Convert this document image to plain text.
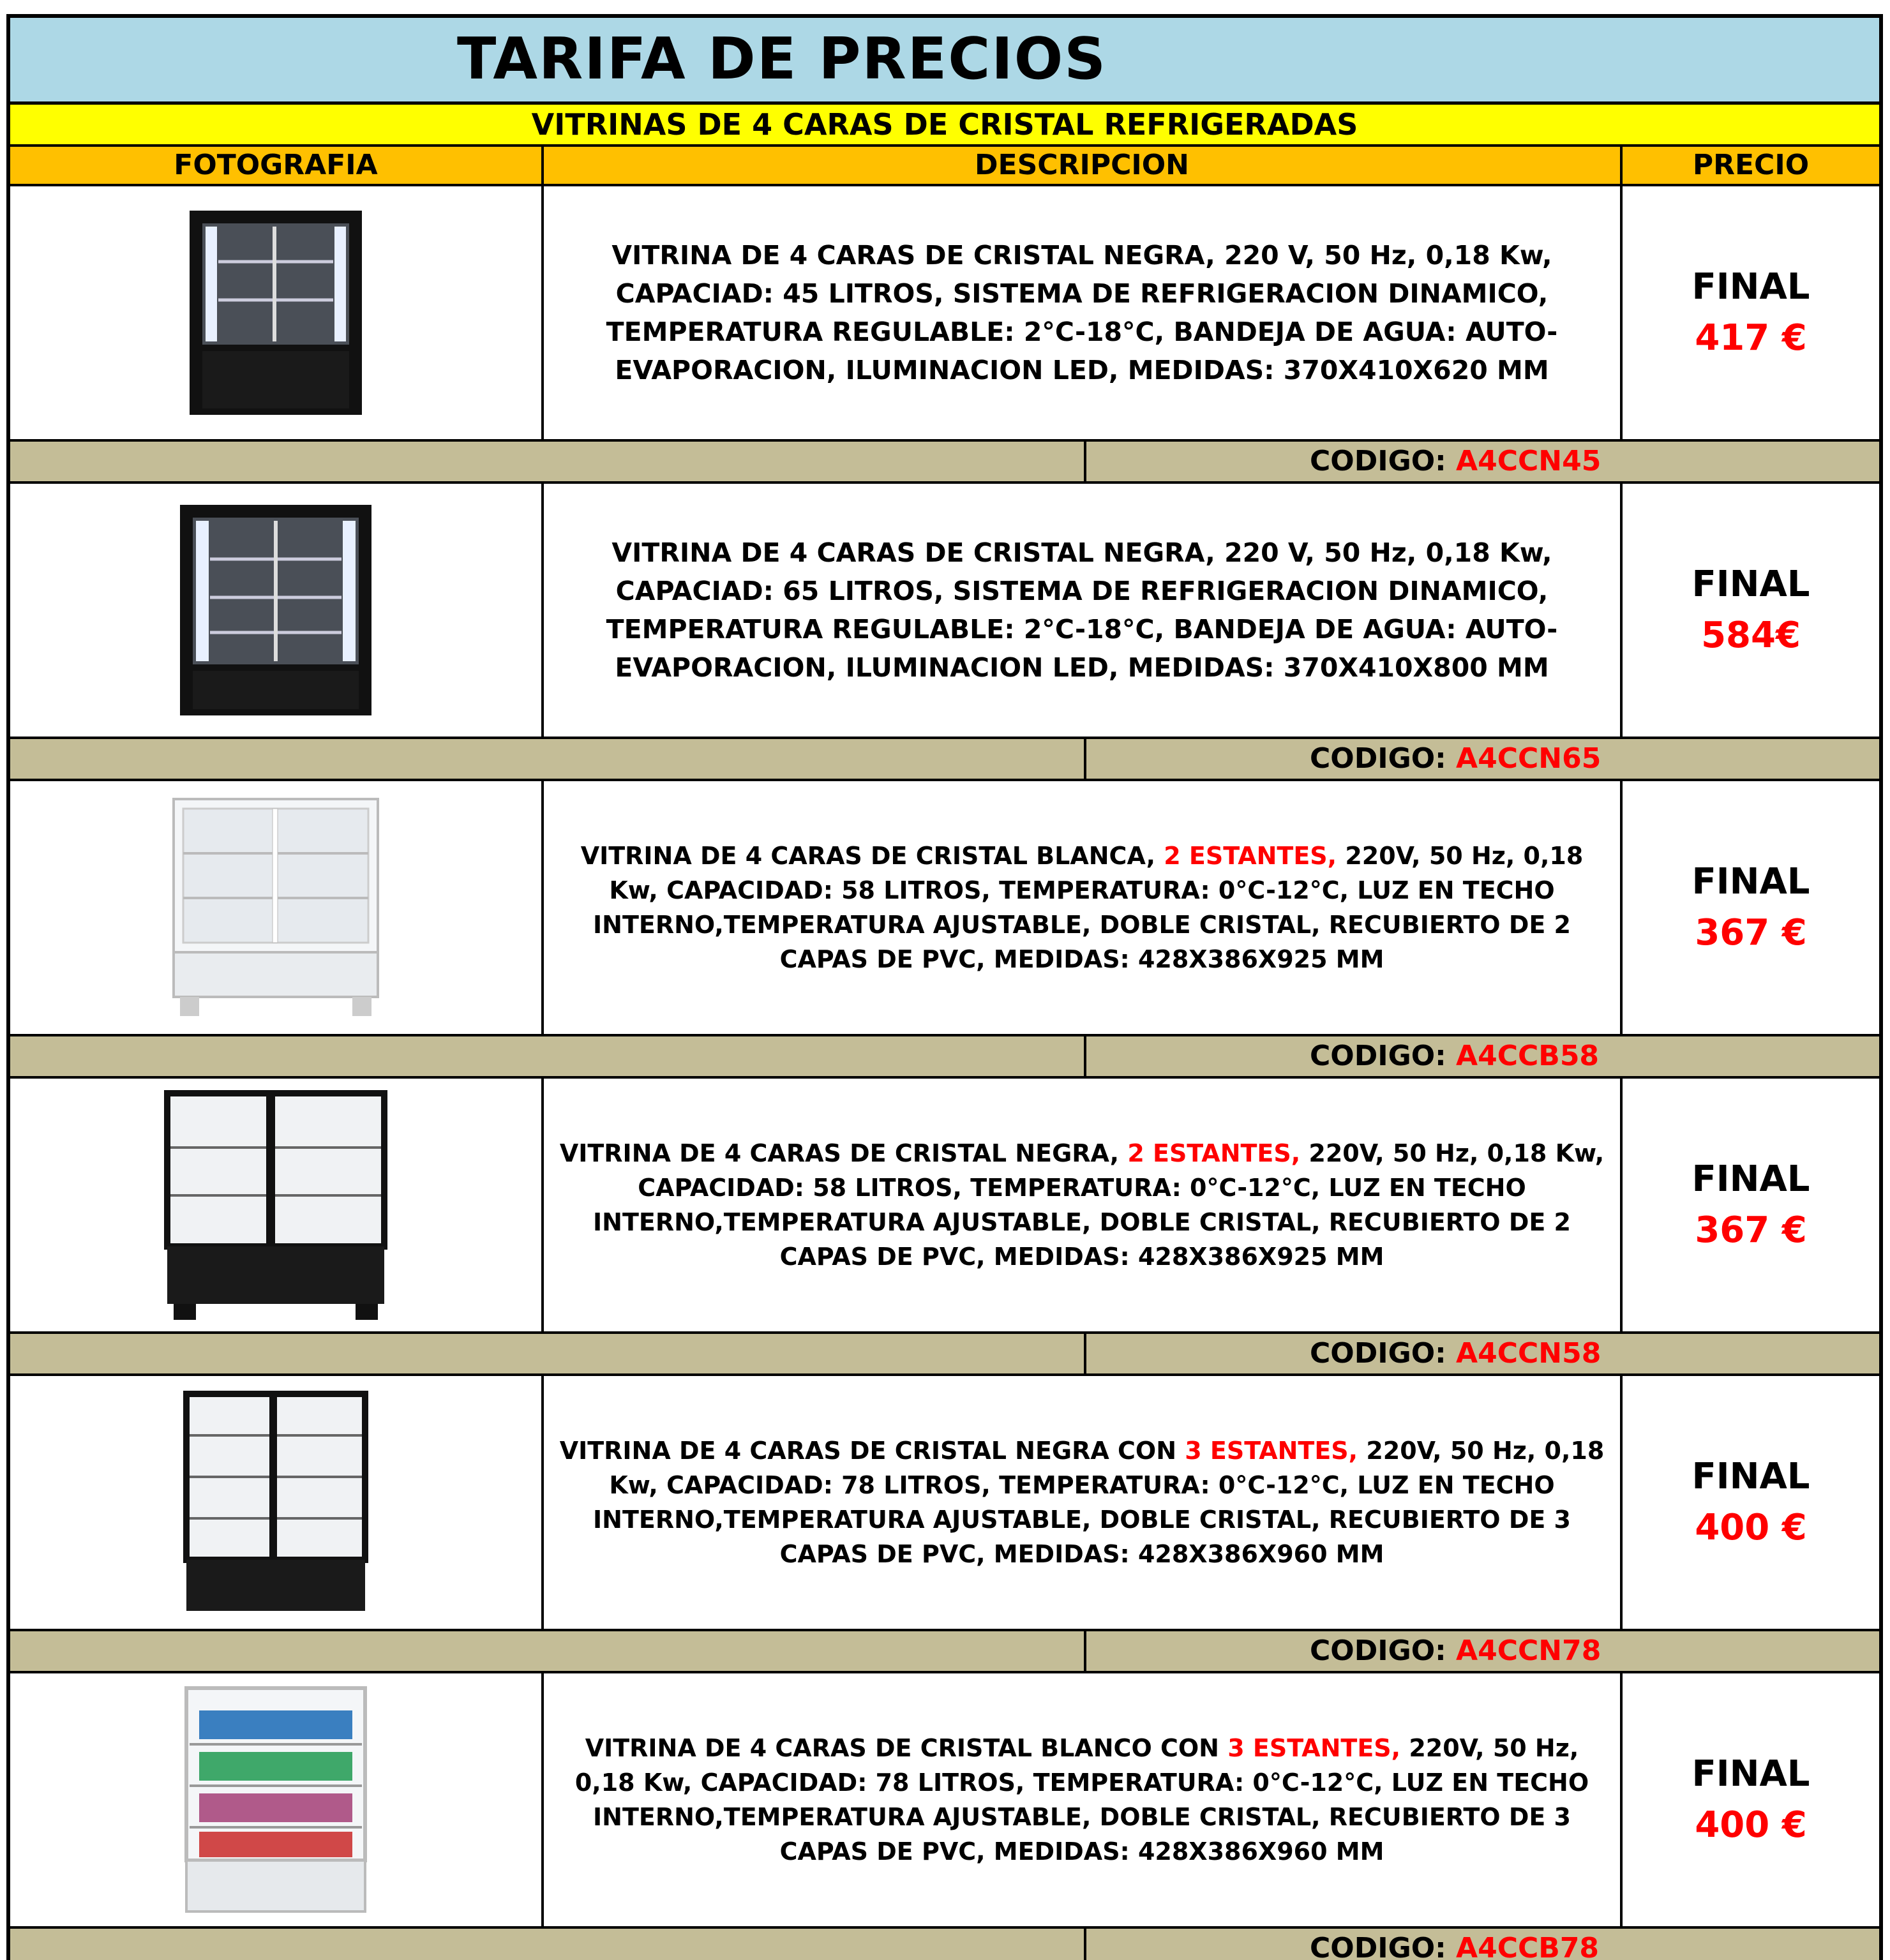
TARIFA DE PRECIOS
VITRINAS DE 4 CARAS DE CRISTAL REFRIGERADAS
FOTOGRAFIA	DESCRIPCION	PRECIO

VITRINA DE 4 CARAS DE CRISTAL NEGRA, 220 V, 50 Hz, 0,18 Kw, CAPACIAD: 45 LITROS, SISTEMA DE REFRIGERACION DINAMICO, TEMPERATURA REGULABLE: 2°C-18°C, BANDEJA DE AGUA: AUTO-EVAPORACION, ILUMINACION LED, MEDIDAS: 370X410X620 MM

FINAL
417 €
CODIGO: A4CCN45

VITRINA DE 4 CARAS DE CRISTAL NEGRA, 220 V, 50 Hz, 0,18 Kw, CAPACIAD: 65 LITROS, SISTEMA DE REFRIGERACION DINAMICO, TEMPERATURA REGULABLE: 2°C-18°C, BANDEJA DE AGUA: AUTO-EVAPORACION, ILUMINACION LED, MEDIDAS: 370X410X800 MM

FINAL
584€
CODIGO: A4CCN65

VITRINA DE 4 CARAS DE CRISTAL BLANCA, 2 ESTANTES, 220V, 50 Hz, 0,18 Kw, CAPACIDAD: 58 LITROS, TEMPERATURA: 0°C-12°C, LUZ EN TECHO INTERNO,TEMPERATURA AJUSTABLE, DOBLE CRISTAL, RECUBIERTO DE 2 CAPAS DE PVC, MEDIDAS: 428X386X925 MM

FINAL
367 €
CODIGO: A4CCB58

VITRINA DE 4 CARAS DE CRISTAL NEGRA, 2 ESTANTES, 220V, 50 Hz, 0,18 Kw, CAPACIDAD: 58 LITROS, TEMPERATURA: 0°C-12°C, LUZ EN TECHO INTERNO,TEMPERATURA AJUSTABLE, DOBLE CRISTAL, RECUBIERTO DE 2 CAPAS DE PVC, MEDIDAS: 428X386X925 MM

FINAL
367 €
CODIGO: A4CCN58

VITRINA DE 4 CARAS DE CRISTAL NEGRA CON 3 ESTANTES, 220V, 50 Hz, 0,18 Kw, CAPACIDAD: 78 LITROS, TEMPERATURA: 0°C-12°C, LUZ EN TECHO INTERNO,TEMPERATURA AJUSTABLE, DOBLE CRISTAL, RECUBIERTO DE 3 CAPAS DE PVC, MEDIDAS: 428X386X960 MM

FINAL
400 €
CODIGO: A4CCN78

VITRINA DE 4 CARAS DE CRISTAL BLANCO CON 3 ESTANTES, 220V, 50 Hz, 0,18 Kw, CAPACIDAD: 78 LITROS, TEMPERATURA: 0°C-12°C, LUZ EN TECHO INTERNO,TEMPERATURA AJUSTABLE, DOBLE CRISTAL, RECUBIERTO DE 3 CAPAS DE PVC, MEDIDAS: 428X386X960 MM

FINAL
400 €
CODIGO: A4CCB78
